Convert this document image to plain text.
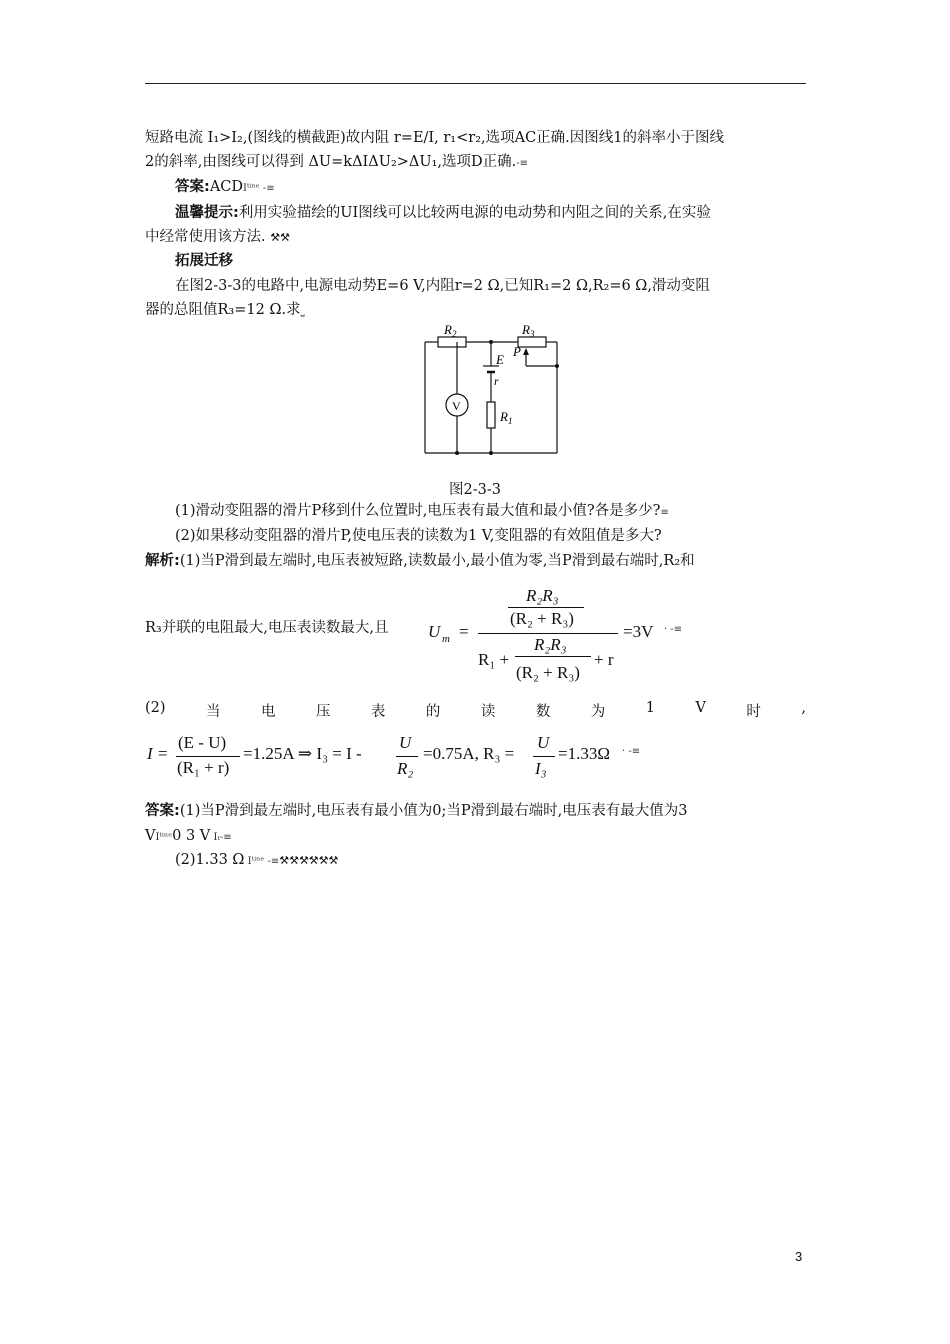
短路电流 I₁>I₂,(图线的横截距)故内阻 r=E/I, r₁<r₂,选项AC正确.因图线1的斜率小于图线
2的斜率,由图线可以得到 ΔU=kΔIΔU₂>ΔU₁,选项D正确.-≡
答案:ACDIᵗⁱⁿᵉ -≡
温馨提示:利用实验描绘的UI图线可以比较两电源的电动势和内阻之间的关系,在实验
中经常使用该方法. ⚒⚒
拓展迁移
在图2-3-3的电路中,电源电动势E=6 V,内阻r=2 Ω,已知R₁=2 Ω,R₂=6 Ω,滑动变阻
器的总阻值R₃=12 Ω.求⎵
$R_2$	$R_3$
P
E
r
$R_1$
V
图2-3-3
(1)滑动变阻器的滑片P移到什么位置时,电压表有最大值和最小值?各是多少?≡
(2)如果移动变阻器的滑片P,使电压表的读数为1 V,变阻器的有效阻值是多大?
解析:(1)当P滑到最左端时,电压表被短路,读数最小,最小值为零,当P滑到最右端时,R₂和
R₃并联的电阻最大,电压表读数最大,且	U m =
R₂R₃
(R₂ + R₃)
R₁ +
R₂R₃
(R₂ + R₃)
+ r
=3V · -≡
(2)	当	电	压	表	的	读	数	为	1	V	时	,
I =
(E - U)
(R₁ + r)
=1.25A ⇒ I₃ = I -
U
R₂
=0.75A, R₃ =
U
I₃
=1.33Ω · -≡
答案:(1)当P滑到最左端时,电压表有最小值为0;当P滑到最右端时,电压表有最大值为3
VIᵗⁱⁿᵉ0 3 V Iₜ-≡
(2)1.33 Ω Iᵗⁱⁿᵉ -≡⚒⚒⚒⚒⚒⚒
3
